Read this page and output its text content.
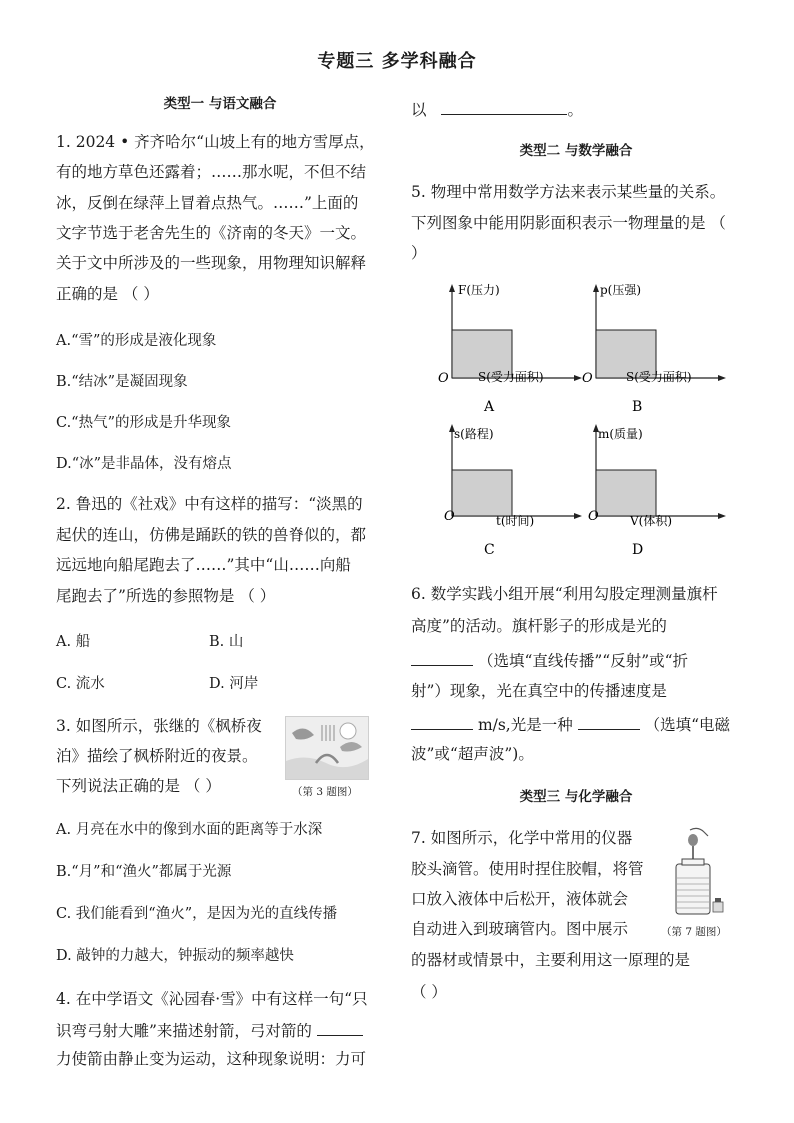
专题三 多学科融合
类型一 与语文融合
1. 2024 • 齐齐哈尔“山坡上有的地方雪厚点，
有的地方草色还露着；……那水呢，不但不结
冰，反倒在绿萍上冒着点热气。……”上面的
文字节选于老舍先生的《济南的冬天》一文。
关于文中所涉及的一些现象，用物理知识解释
正确的是 （ ）
A.“雪”的形成是液化现象
B.“结冰”是凝固现象
C.“热气”的形成是升华现象
D.“冰”是非晶体，没有熔点
2. 鲁迅的《社戏》中有这样的描写：“淡黑的
起伏的连山，仿佛是踊跃的铁的兽脊似的，都
远远地向船尾跑去了……”其中“山……向船
尾跑去了”所选的参照物是 （ ）
A. 船	B. 山
C. 流水	D. 河岸
3. 如图所示，张继的《枫桥夜
泊》描绘了枫桥附近的夜景。
下列说法正确的是 （ ）	（第 3 题图）
A. 月亮在水中的像到水面的距离等于水深
B.“月”和“渔火”都属于光源
C. 我们能看到“渔火”，是因为光的直线传播
D. 敲钟的力越大，钟振动的频率越快
4. 在中学语文《沁园春·雪》中有这样一句“只
识弯弓射大雕”来描述射箭，弓对箭的
力使箭由静止变为运动，这种现象说明：力可
以	。
类型二 与数学融合
5. 物理中常用数学方法来表示某些量的关系。
下列图象中能用阴影面积表示一物理量的是 （
）
F(压力)
O S(受力面积)
A
p(压强)
O	S(受力面积)
B
s(路程)
O	t(时间)
C
m(质量)
O	V(体积)
D
6. 数学实践小组开展“利用勾股定理测量旗杆
高度”的活动。旗杆影子的形成是光的
（选填“直线传播”“反射”或“折
射”）现象，光在真空中的传播速度是
m/s,光是一种	（选填“电磁
波”或“超声波”)。
类型三 与化学融合
7. 如图所示，化学中常用的仪器
胶头滴管。使用时捏住胶帽，将管
口放入液体中后松开，液体就会
自动进入到玻璃管内。图中展示
的器材或情景中，主要利用这一原理的是
（ ）
（第 7 题图）
